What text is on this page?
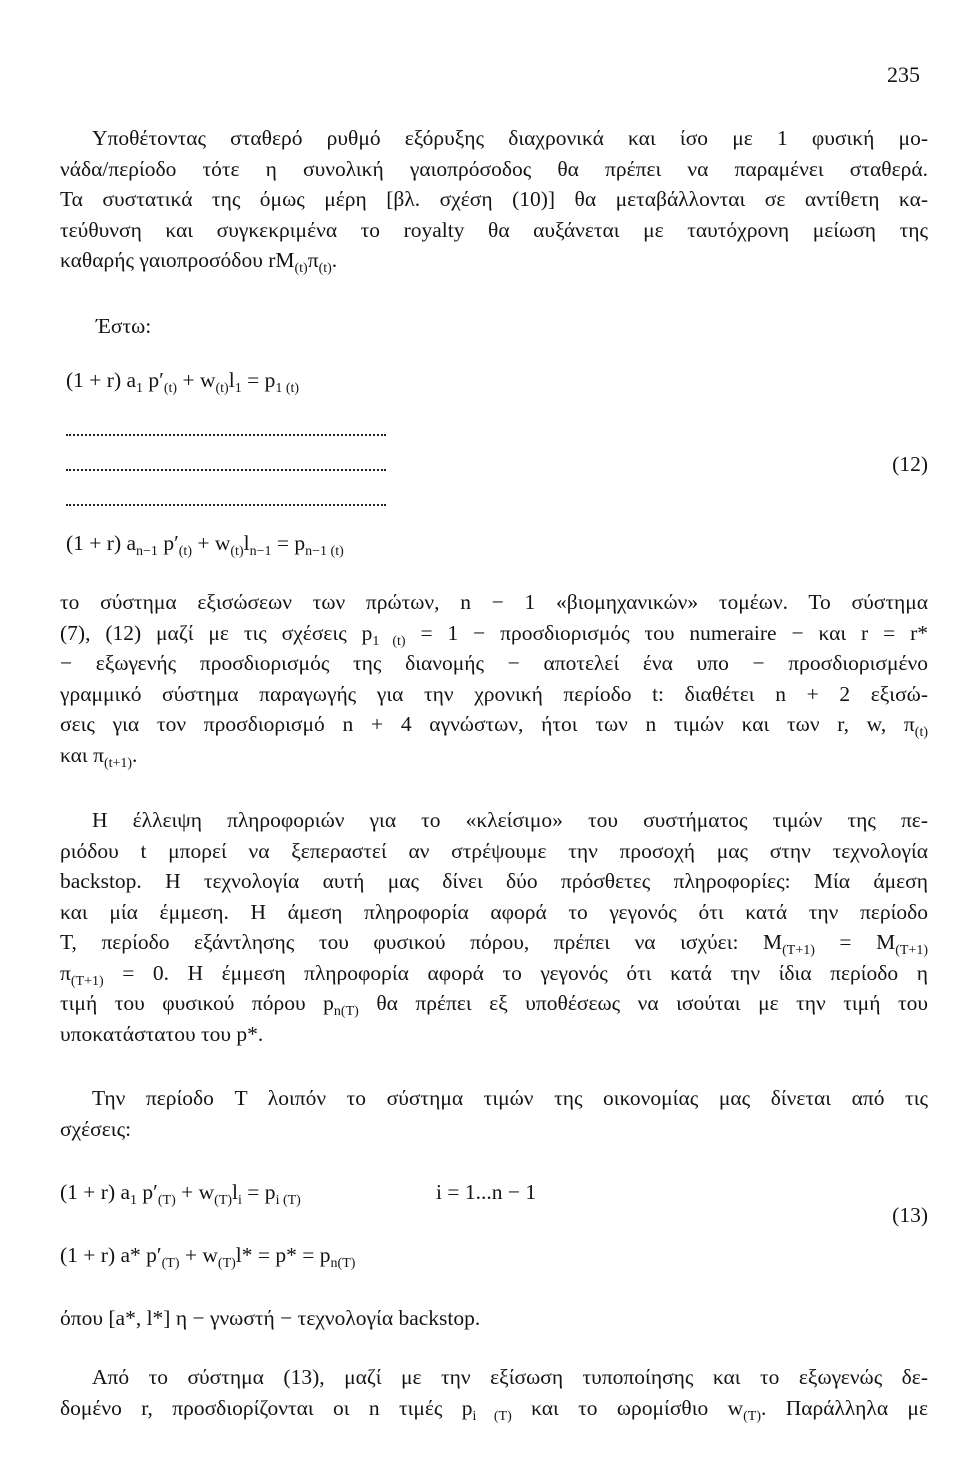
235
Υποθέτοντας σταθερό ρυθμό εξόρυξης διαχρονικά και ίσο με 1 φυσική μο-
νάδα/περίοδο τότε η συνολική γαιοπρόσοδος θα πρέπει να παραμένει σταθερά.
Τα συστατικά της όμως μέρη [βλ. σχέση (10)] θα μεταβάλλονται σε αντίθετη κα-
τεύθυνση και συγκεκριμένα το royalty θα αυξάνεται με ταυτόχρονη μείωση της
καθαρής γαιοπροσόδου $rM_{(t)}\pi_{(t)}$.
Έστω:
(1 + r) $a_1$ $p'_{(t)} + w_{(t)}l_1 = p_{1 (t)}$
(12)
(1 + r) $a_{n-1}$ $p'_{(t)} + w_{(t)}l_{n-1} = p_{n-1 (t)}$
το σύστημα εξισώσεων των πρώτων, n − 1 «βιομηχανικών» τομέων. Το σύστημα
(7), (12) μαζί με τις σχέσεις $p_{1 (t)} = 1 - \pi\rho o\sigma\delta\iota o\rho\iota\sigma\mu ό\varsigma$ του numeraire − και r = r*
− εξωγενής προσδιορισμός της διανομής − αποτελεί ένα υπο − προσδιορισμένο
γραμμικό σύστημα παραγωγής για την χρονική περίοδο t: διαθέτει n + 2 εξισώ-
σεις για τον προσδιορισμό n + 4 αγνώστων, ήτοι των n τιμών και των r, w, $\pi_{(t)}$
και $\pi_{(t+1)}$.
Η έλλειψη πληροφοριών για το «κλείσιμο» του συστήματος τιμών της πε-
ριόδου t μπορεί να ξεπεραστεί αν στρέψουμε την προσοχή μας στην τεχνολογία
backstop. Η τεχνολογία αυτή μας δίνει δύο πρόσθετες πληροφορίες: Μία άμεση
και μία έμμεση. Η άμεση πληροφορία αφορά το γεγονός ότι κατά την περίοδο
T, περίοδο εξάντλησης του φυσικού πόρου, πρέπει να ισχύει: $M_{(T+1)} = M_{(T+1)}$
$\pi_{(T+1)} = 0$. Η έμμεση πληροφορία αφορά το γεγονός ότι κατά την ίδια περίοδο η
τιμή του φυσικού πόρου $p_{n(T)}$ θα πρέπει εξ υποθέσεως να ισούται με την τιμή του
υποκατάστατου του p*.
Την περίοδο T λοιπόν το σύστημα τιμών της οικονομίας μας δίνεται από τις
σχέσεις:
(1 + r) $a_1$ $p'_{(T)} + w_{(T)}l_i = p_{i (T)}$	i = 1...n − 1
(13)
(1 + r) a* $p'_{(T)} + w_{(T)}l* = p* = p_{n(T)}$
όπου [a*, l*] η − γνωστή − τεχνολογία backstop.
Από το σύστημα (13), μαζί με την εξίσωση τυποποίησης και το εξωγενώς δε-
δομένο r, προσδιορίζονται οι n τιμές $p_{i (T)}$ και το ωρομίσθιο $w_{(T)}$. Παράλληλα με
